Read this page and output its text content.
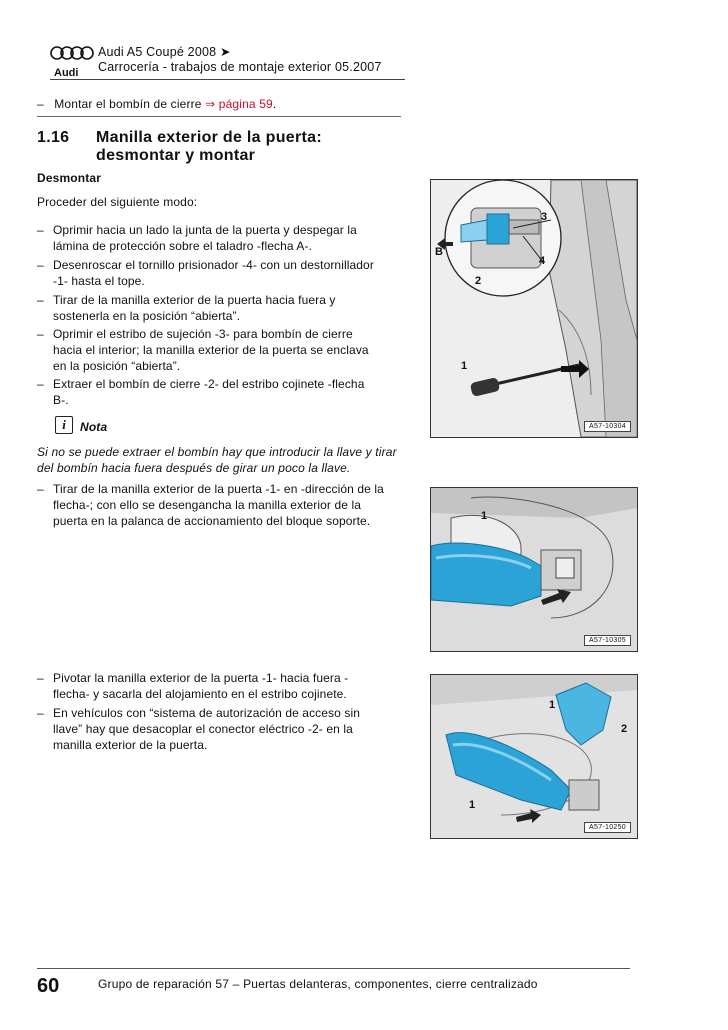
Audi
Audi A5 Coupé 2008 ➤
Carrocería - trabajos de montaje exterior 05.2007
– Montar el bombín de cierre ⇒ página 59.
1.16 Manilla exterior de la puerta: desmontar y montar
Desmontar
Proceder del siguiente modo:
– Oprimir hacia un lado la junta de la puerta y despegar la lámina de protección sobre el taladro -flecha A-.
– Desenroscar el tornillo prisionador -4- con un destornillador -1- hasta el tope.
– Tirar de la manilla exterior de la puerta hacia fuera y sostenerla en la posición “abierta”.
– Oprimir el estribo de sujeción -3- para bombín de cierre hacia el interior; la manilla exterior de la puerta se enclava en la posición “abierta”.
– Extraer el bombín de cierre -2- del estribo cojinete -flecha B-.
i	Nota
Si no se puede extraer el bombín hay que introducir la llave y tirar del bombín hacia fuera después de girar un poco la llave.
– Tirar de la manilla exterior de la puerta -1- en -dirección de la flecha-; con ello se desengancha la manilla exterior de la puerta en la palanca de accionamiento del bloque soporte.
– Pivotar la manilla exterior de la puerta -1- hacia fuera -flecha- y sacarla del alojamiento en el estribo cojinete.
– En vehículos con “sistema de autorización de acceso sin llave” hay que desacoplar el conector eléctrico -2- en la manilla exterior de la puerta.
3
B
4
2
1	A
A57-10304
1
A57-10305
1
2
1
A57-10250
60	Grupo de reparación 57 – Puertas delanteras, componentes, cierre centralizado
